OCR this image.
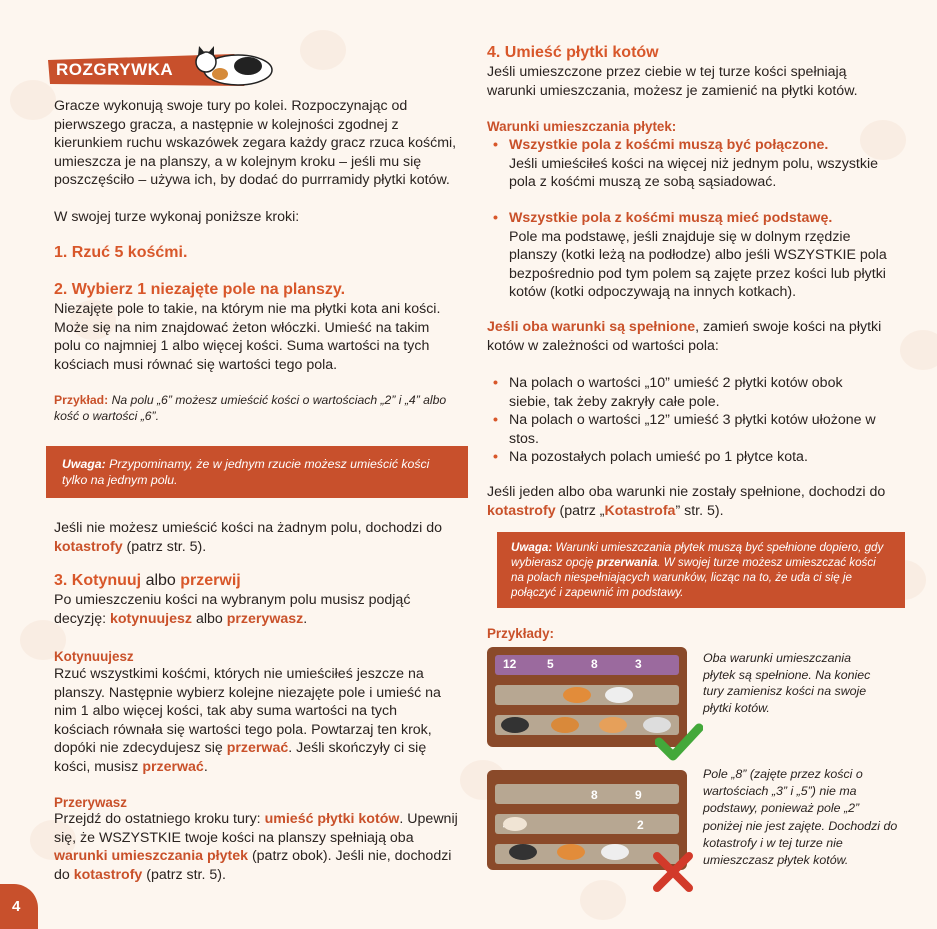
ROZGRYWKA

Gracze wykonują swoje tury po kolei. Rozpoczynając od pierwszego gracza, a następnie w kolejności zgodnej z kierunkiem ruchu wskazówek zegara każdy gracz rzuca kośćmi, umieszcza je na planszy, a w kolejnym kroku – jeśli mu się poszczęściło – używa ich, by dodać do purrramidy płytki kotów.

W swojej turze wykonaj poniższe kroki:

1. Rzuć 5 kośćmi.

2. Wybierz 1 niezajęte pole na planszy.

Niezajęte pole to takie, na którym nie ma płytki kota ani kości. Może się na nim znajdować żeton włóczki. Umieść na takim polu co najmniej 1 albo więcej kości. Suma wartości na tych kościach musi równać się wartości tego pola.

Przykład: Na polu „6” możesz umieścić kości o wartościach „2” i „4” albo kość o wartości „6”.

Uwaga: Przypominamy, że w jednym rzucie możesz umieścić kości tylko na jednym polu.

Jeśli nie możesz umieścić kości na żadnym polu, dochodzi do kotastrofy (patrz str. 5).

3. Kotynuuj albo przerwij

Po umieszczeniu kości na wybranym polu musisz podjąć decyzję: kotynuujesz albo przerywasz.

Kotynuujesz

Rzuć wszystkimi kośćmi, których nie umieściłeś jeszcze na planszy. Następnie wybierz kolejne niezajęte pole i umieść na nim 1 albo więcej kości, tak aby suma wartości na tych kościach równała się wartości tego pola. Powtarzaj ten krok, dopóki nie zdecydujesz się przerwać. Jeśli skończyły ci się kości, musisz przerwać.

Przerywasz

Przejdź do ostatniego kroku tury: umieść płytki kotów. Upewnij się, że WSZYSTKIE twoje kości na planszy spełniają oba warunki umieszczania płytek (patrz obok). Jeśli nie, dochodzi do kotastrofy (patrz str. 5).

4. Umieść płytki kotów

Jeśli umieszczone przez ciebie w tej turze kości spełniają warunki umieszczania, możesz je zamienić na płytki kotów.

Warunki umieszczania płytek:

• Wszystkie pola z kośćmi muszą być połączone.

Jeśli umieściłeś kości na więcej niż jednym polu, wszystkie pola z kośćmi muszą ze sobą sąsiadować.

• Wszystkie pola z kośćmi muszą mieć podstawę.

Pole ma podstawę, jeśli znajduje się w dolnym rzędzie planszy (kotki leżą na podłodze) albo jeśli WSZYSTKIE pola bezpośrednio pod tym polem są zajęte przez kości lub płytki kotów (kotki odpoczywają na innych kotkach).

Jeśli oba warunki są spełnione, zamień swoje kości na płytki kotów w zależności od wartości pola:

• Na polach o wartości „10” umieść 2 płytki kotów obok siebie, tak żeby zakryły całe pole.
• Na polach o wartości „12” umieść 3 płytki kotów ułożone w stos.
• Na pozostałych polach umieść po 1 płytce kota.

Jeśli jeden albo oba warunki nie zostały spełnione, dochodzi do kotastrofy (patrz „Kotastrofa” str. 5).

Uwaga: Warunki umieszczania płytek muszą być spełnione dopiero, gdy wybierasz opcję przerwania. W swojej turze możesz umieszczać kości na polach niespełniających warunków, licząc na to, że uda ci się je połączyć i zapewnić im podstawy.

Przykłady:

12	5	8	3	Oba warunki umieszczania płytek są spełnione. Na koniec tury zamienisz kości na swoje płytki kotów.

8	9
2

Pole „8” (zajęte przez kości o wartościach „3” i „5”) nie ma podstawy, ponieważ pole „2” poniżej nie jest zajęte. Dochodzi do kotastrofy i w tej turze nie umieszczasz płytek kotów.

4
